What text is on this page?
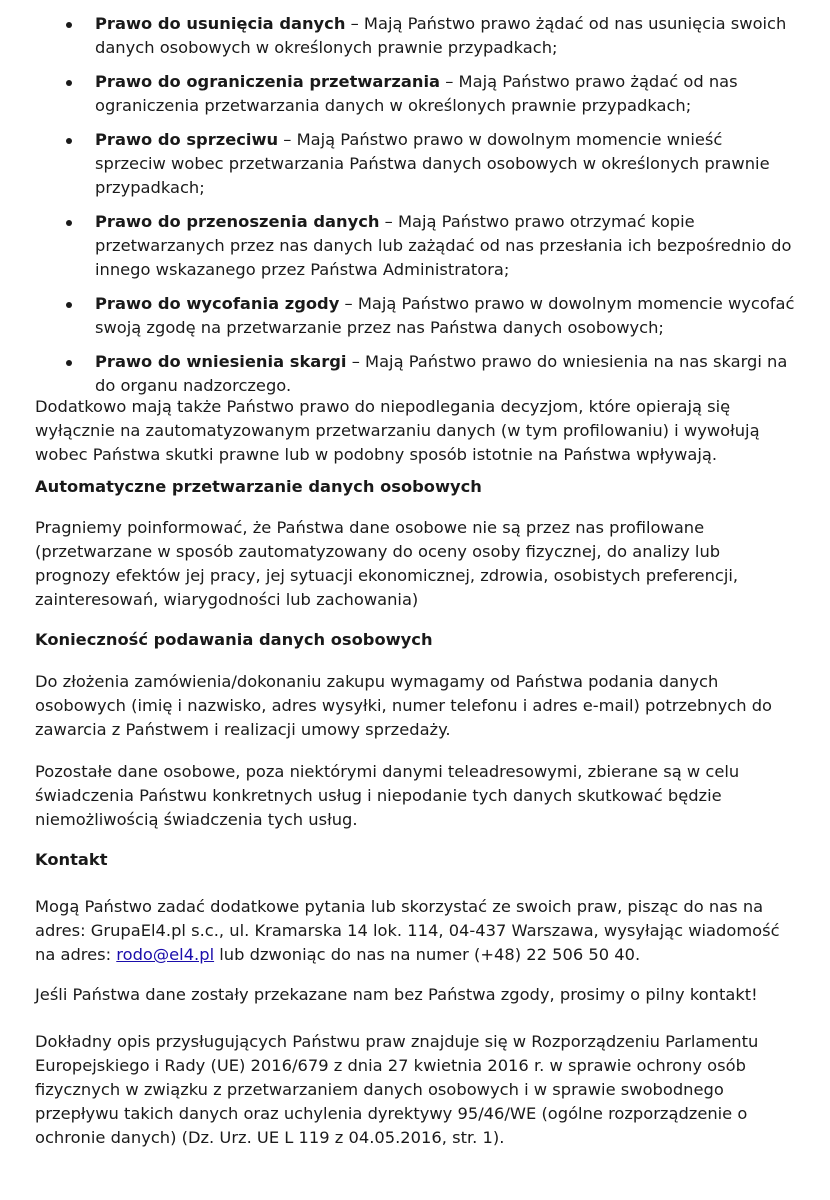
Prawo do usunięcia danych – Mają Państwo prawo żądać od nas usunięcia swoich danych osobowych w określonych prawnie przypadkach;
Prawo do ograniczenia przetwarzania – Mają Państwo prawo żądać od nas ograniczenia przetwarzania danych w określonych prawnie przypadkach;
Prawo do sprzeciwu – Mają Państwo prawo w dowolnym momencie wnieść sprzeciw wobec przetwarzania Państwa danych osobowych w określonych prawnie przypadkach;
Prawo do przenoszenia danych – Mają Państwo prawo otrzymać kopie przetwarzanych przez nas danych lub zażądać od nas przesłania ich bezpośrednio do innego wskazanego przez Państwa Administratora;
Prawo do wycofania zgody – Mają Państwo prawo w dowolnym momencie wycofać swoją zgodę na przetwarzanie przez nas Państwa danych osobowych;
Prawo do wniesienia skargi – Mają Państwo prawo do wniesienia na nas skargi na do organu nadzorczego.

Dodatkowo mają także Państwo prawo do niepodlegania decyzjom, które opierają się wyłącznie na zautomatyzowanym przetwarzaniu danych (w tym profilowaniu) i wywołują wobec Państwa skutki prawne lub w podobny sposób istotnie na Państwa wpływają.

Automatyczne przetwarzanie danych osobowych

Pragniemy poinformować, że Państwa dane osobowe nie są przez nas profilowane (przetwarzane w sposób zautomatyzowany do oceny osoby fizycznej, do analizy lub prognozy efektów jej pracy, jej sytuacji ekonomicznej, zdrowia, osobistych preferencji, zainteresowań, wiarygodności lub zachowania)

Konieczność podawania danych osobowych

Do złożenia zamówienia/dokonaniu zakupu wymagamy od Państwa podania danych osobowych (imię i nazwisko, adres wysyłki, numer telefonu i adres e-mail) potrzebnych do zawarcia z Państwem i realizacji umowy sprzedaży.

Pozostałe dane osobowe, poza niektórymi danymi teleadresowymi, zbierane są w celu świadczenia Państwu konkretnych usług i niepodanie tych danych skutkować będzie niemożliwością świadczenia tych usług.

Kontakt

Mogą Państwo zadać dodatkowe pytania lub skorzystać ze swoich praw, pisząc do nas na adres: GrupaEl4.pl s.c., ul. Kramarska 14 lok. 114, 04-437 Warszawa, wysyłając wiadomość na adres: rodo@el4.pl lub dzwoniąc do nas na numer (+48) 22 506 50 40.

Jeśli Państwa dane zostały przekazane nam bez Państwa zgody, prosimy o pilny kontakt!

Dokładny opis przysługujących Państwu praw znajduje się w Rozporządzeniu Parlamentu Europejskiego i Rady (UE) 2016/679 z dnia 27 kwietnia 2016 r. w sprawie ochrony osób fizycznych w związku z przetwarzaniem danych osobowych i w sprawie swobodnego przepływu takich danych oraz uchylenia dyrektywy 95/46/WE (ogólne rozporządzenie o ochronie danych) (Dz. Urz. UE L 119 z 04.05.2016, str. 1).
